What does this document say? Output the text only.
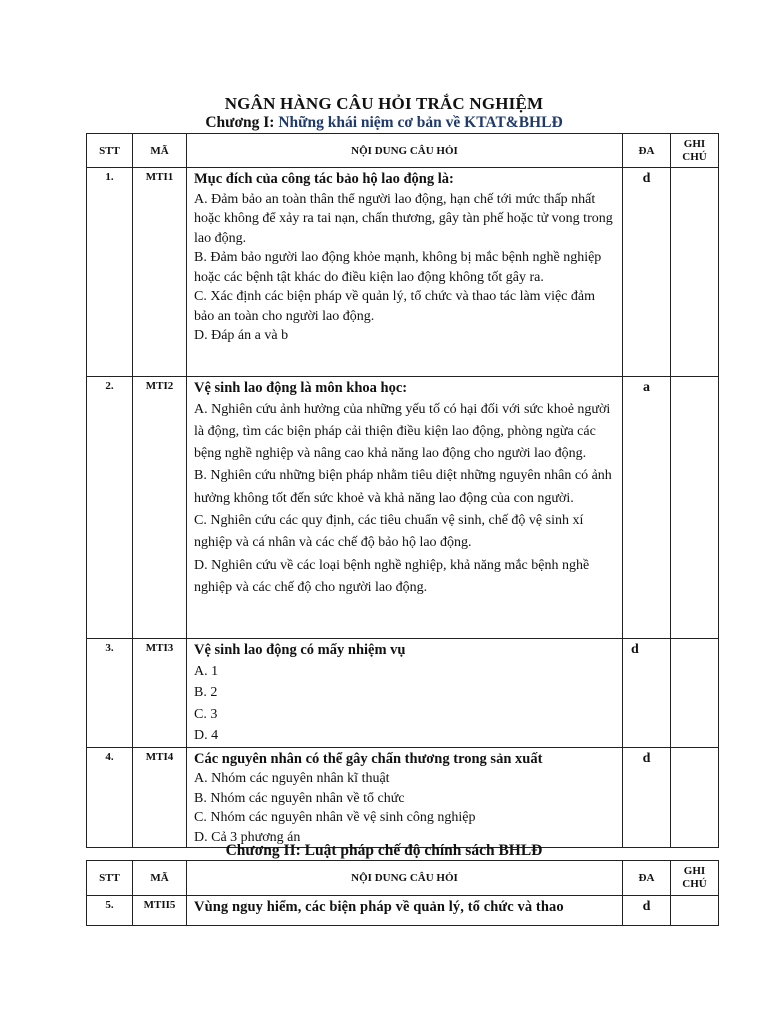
NGÂN HÀNG CÂU HỎI TRẮC NGHIỆM
Chương I: Những khái niệm cơ bản về KTAT&BHLĐ
STT	MÃ	NỘI DUNG CÂU HỎI	ĐA	GHI
CHÚ

1.	MTI1	Mục đích của công tác bảo hộ lao động là:
A. Đảm bảo an toàn thân thể người lao động, hạn chế tới mức thấp nhất hoặc không để xảy ra tai nạn, chấn thương, gây tàn phế hoặc tử vong trong lao động.
B. Đảm bảo người lao động khỏe mạnh, không bị mắc bệnh nghề nghiệp hoặc các bệnh tật khác do điều kiện lao động không tốt gây ra.
C. Xác định các biện pháp về quản lý, tổ chức và thao tác làm việc đảm bảo an toàn cho người lao động.
D. Đáp án a và b	d	
2.	MTI2	Vệ sinh lao động là môn khoa học:
A. Nghiên cứu ảnh hưởng của những yếu tố có hại đối với sức khoẻ người là động, tìm các biện pháp cải thiện điều kiện lao động, phòng ngừa các bệng nghề nghiệp và nâng cao khả năng lao động cho người lao động.
B. Nghiên cứu những biện pháp nhằm tiêu diệt những nguyên nhân có ảnh hưởng không tốt đến sức khoẻ và khả năng lao động của con người.
C. Nghiên cứu các quy định, các tiêu chuẩn vệ sinh, chế độ vệ sinh xí nghiệp và cá nhân và các chế độ bảo hộ lao động.
D. Nghiên cứu về các loại bệnh nghề nghiệp, khả năng mắc bệnh nghề nghiệp và các chế độ cho người lao động.	a	
3.	MTI3	Vệ sinh lao động có mấy nhiệm vụ
A. 1
B. 2
C. 3
D. 4	d	
4.	MTI4	Các nguyên nhân có thể gây chấn thương trong sản xuất
A. Nhóm các nguyên nhân kĩ thuật
B. Nhóm các nguyên nhân về tổ chức
C. Nhóm các nguyên nhân về vệ sinh công nghiệp
D. Cả 3 phương án	d	
Chương II: Luật pháp chế độ chính sách BHLĐ
STT	MÃ	NỘI DUNG CÂU HỎI	ĐA	GHI
CHÚ

5.	MTII5	Vùng nguy hiểm, các biện pháp về quản lý, tổ chức và thao	d	
